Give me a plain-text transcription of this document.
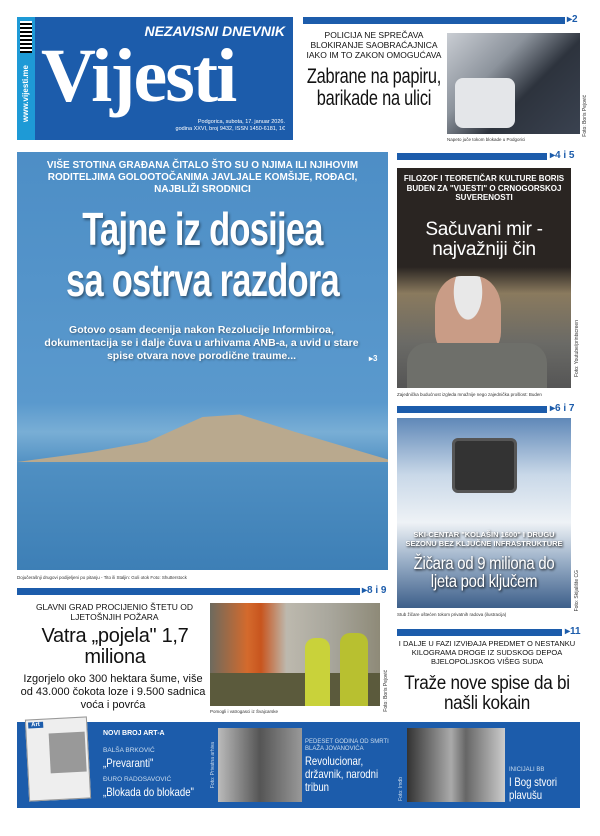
www.vijesti.me
NEZAVISNI DNEVNIK
Vijesti
Podgorica, subota, 17. januar 2026.
godina XXVI, broj 9432, ISSN 1450-6181, 1€
▸2
POLICIJA NE SPREČAVA BLOKIRANJE SAOBRAĆAJNICA IAKO IM TO ZAKON OMOGUĆAVA
Zabrane na papiru, barikade na ulici	Foto: Boris Pejović
Napeto juče tokom blokade u Podgorici
VIŠE STOTINA GRAĐANA ČITALO ŠTO SU O NJIMA ILI NJIHOVIM RODITELJIMA GOLOOTOČANIMA JAVLJALE KOMŠIJE, ROĐACI, NAJBLIŽI SRODNICI
Tajne iz dosijea
sa ostrva razdora
Gotovo osam decenija nakon Rezolucije Informbiroa, dokumentacija se i dalje čuva u arhivama ANB-a, a uvid u stare spise otvara nove porodične traume...	▸3
Dojučerašnji drugovi podijeljeni po pitanju - Tito ili Staljin: Goli otok Foto: Shutterstock
▸4 i 5
FILOZOF I TEORETIČAR KULTURE BORIS BUDEN ZA "VIJESTI" O CRNOGORSKOJ SUVERENOSTI
Sačuvani mir - najvažniji čin
Foto: Youtube/printscreen
Zajednička budućnost izgleda mnažnije nego zajednička prošlost: Buden
▸6 i 7
SKI-CENTAR "KOLAŠIN 1600" I DRUGU SEZONU BEZ KLJUČNE INFRASTRUKTURE
Žičara od 9 miliona do ljeta pod ključem	Foto: Skijalište CG
Stub žičare oštećen tokom privatnih radova (ilustracija)
▸11
I DALJE U FAZI IZVIĐAJA PREDMET O NESTANKU KILOGRAMA DROGE IZ SUDSKOG DEPOA BJELOPOLJSKOG VIŠEG SUDA
Traže nove spise da bi našli kokain
▸8 i 9
GLAVNI GRAD PROCIJENIO ŠTETU OD LJETOŠNJIH POŽARA
Vatra „pojela" 1,7 miliona
Izgorjelo oko 300 hektara šume, više od 43.000 čokota loze i 9.500 sadnica voća i povrća	Foto: Boris Pejović
Pomogli i vatrogasci iz Švajcarske
Art
NOVI BROJ ART-A
BALŠA BRKOVIĆ
„Prevaranti"
ĐURO RADOSAVOVIĆ
„Blokada do blokade"
Foto: Privatna arhiva	PEDESET GODINA OD SMRTI BLAŽA JOVANOVIĆA
Revolucionar, državnik, narodni tribun	Foto: Imdb
INICIJALI BB
I Bog stvori plavušu
